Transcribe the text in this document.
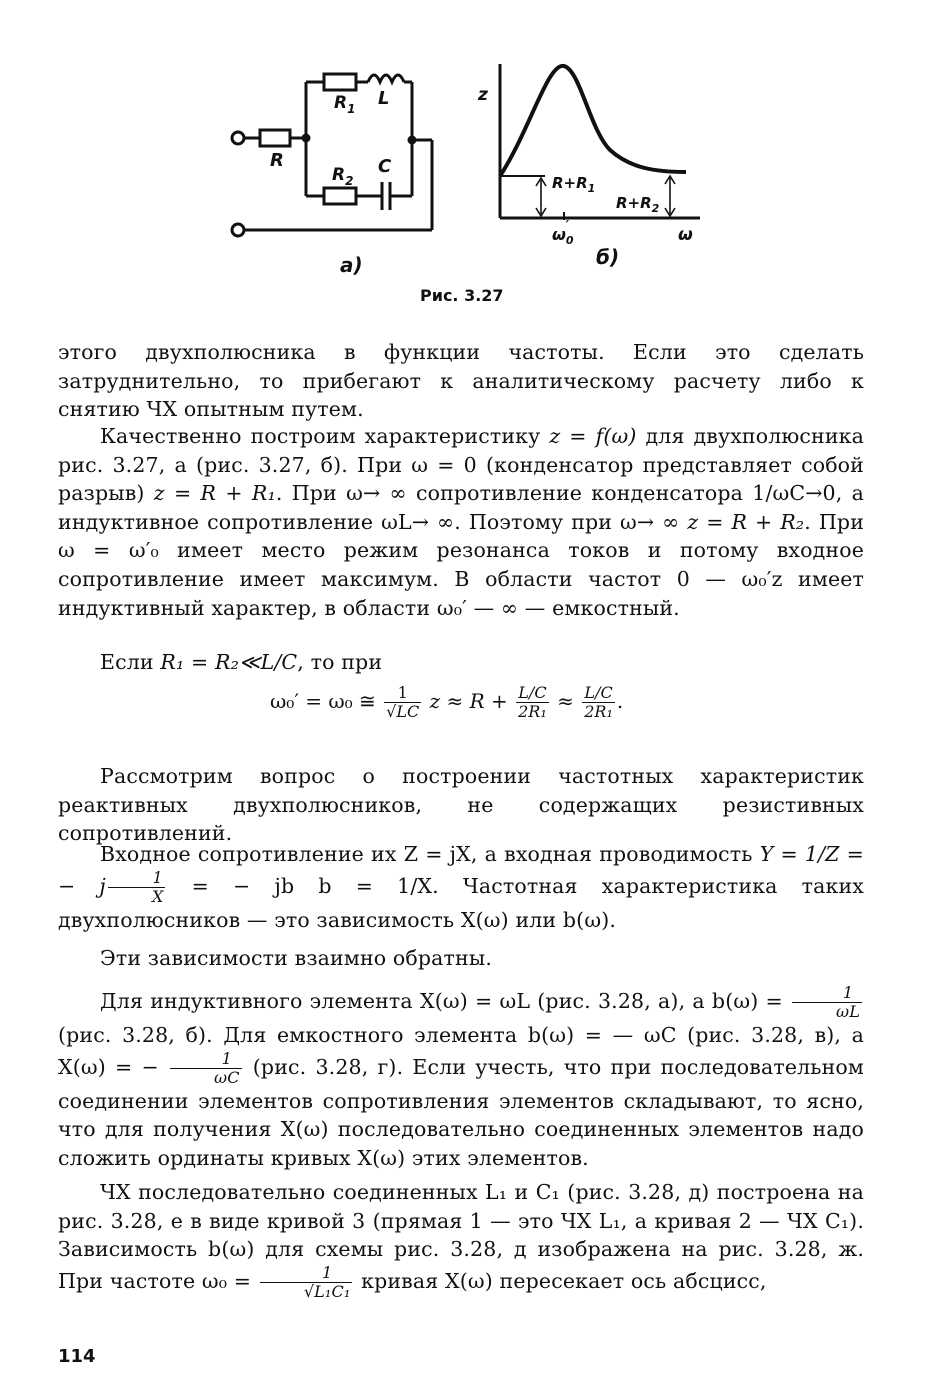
$R_1$ L
R
$R_2$
C
а)
z
$R+R_1$
$R+R_2$
$\omega_0'$	ω
б)
Рис. 3.27

этого двухполюсника в функции частоты. Если это сделать затруднительно, то прибегают к аналитическому расчету либо к снятию ЧХ опытным путем.

Качественно построим характеристику z = f(ω) для двухполюсника рис. 3.27, а (рис. 3.27, б). При ω = 0 (конденсатор представляет собой разрыв) z = R + R₁. При ω→ ∞ сопротивление конденсатора 1/ωC→0, а индуктивное сопротивление ωL→ ∞. Поэтому при ω→ ∞ z = R + R₂. При ω = ω′₀ имеет место режим резонанса токов и потому входное сопротивление имеет максимум. В области частот 0 — ω₀′z имеет индуктивный характер, в области ω₀′ — ∞ — емкостный.

Если R₁ = R₂≪L/C, то при

ω₀′ = ω₀ ≅ $\frac{1}{√LC}$ $z \approx R + \frac{L/C}{\text{2R₁}} \approx \frac{L/C}{\text{2R₁}}$ .

Рассмотрим вопрос о построении частотных характеристик реактивных двухполюсников, не содержащих резистивных сопротивлений.

Входное сопротивление их Z = jX, а входная проводимость Y = 1/Z = − j $\frac{1}{X}$ = − jb b = 1/X. Частотная характеристика таких двухполюсников — это зависимость X(ω) или b(ω).

Эти зависимости взаимно обратны.

Для индуктивного элемента X(ω) = ωL (рис. 3.28, а), а $b(\omega) = \frac{1}{\omega L}$
(рис. 3.28, б). Для емкостного элемента b(ω) = — ωC (рис. 3.28, в), а X(ω) = − $\frac{1}{\omega C} (рис$. 3.28, г). Если учесть, что при последовательном соединении элементов сопротивления элементов складывают, то ясно, что для получения X(ω) последовательно соединенных элементов надо сложить ординаты кривых X(ω) этих элементов.

ЧХ последовательно соединенных L₁ и C₁ (рис. 3.28, д) построена на рис. 3.28, е в виде кривой 3 (прямая 1 — это ЧХ L₁, а кривая 2 — ЧХ C₁). Зависимость b(ω) для схемы рис. 3.28, д изображена на рис. 3.28, ж. При частоте $\omega_0 = \frac{1}{\text{√L₁C₁}}$ кривая X(ω) пересекает ось абсцисс,

114
